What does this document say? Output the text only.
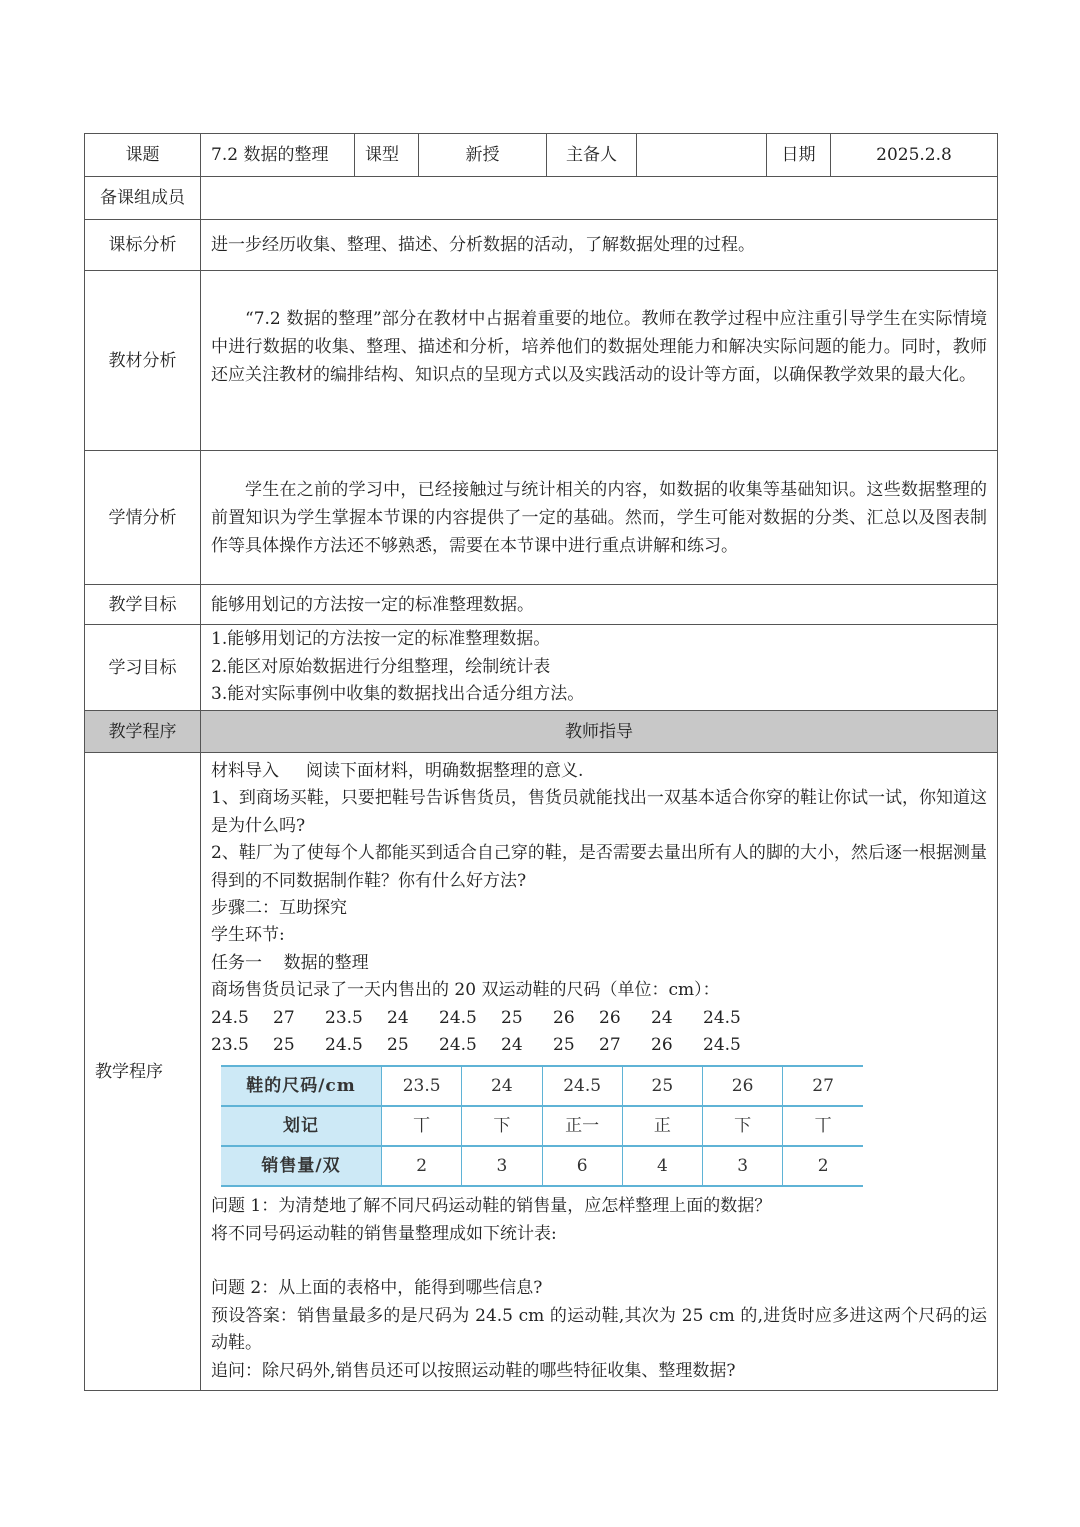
课题	7.2 数据的整理	课型	新授	主备人		日期	2025.2.8
备课组成员	
课标分析	进一步经历收集、整理、描述、分析数据的活动，了解数据处理的过程。
教材分析	

“7.2 数据的整理”部分在教材中占据着重要的地位。教师在教学过程中应注重引导学生在实际情境中进行数据的收集、整理、描述和分析，培养他们的数据处理能力和解决实际问题的能力。同时，教师还应关注教材的编排结构、知识点的呈现方式以及实践活动的设计等方面，以确保教学效果的最大化。

学情分析	

学生在之前的学习中，已经接触过与统计相关的内容，如数据的收集等基础知识。这些数据整理的前置知识为学生掌握本节课的内容提供了一定的基础。然而，学生可能对数据的分类、汇总以及图表制作等具体操作方法还不够熟悉，需要在本节课中进行重点讲解和练习。

教学目标	能够用划记的方法按一定的标准整理数据。
学习目标	
1.能够用划记的方法按一定的标准整理数据。
2.能区对原始数据进行分组整理，绘制统计表
3.能对实际事例中收集的数据找出合适分组方法。

教学程序	教师指导
教学程序	
材料导入     阅读下面材料，明确数据整理的意义.
1、到商场买鞋，只要把鞋号告诉售货员，售货员就能找出一双基本适合你穿的鞋让你试一试，你知道这是为什么吗?
2、鞋厂为了使每个人都能买到适合自己穿的鞋，是否需要去量出所有人的脚的大小，然后逐一根据测量得到的不同数据制作鞋？你有什么好方法?
步骤二：互助探究
学生环节:
任务一    数据的整理
商场售货员记录了一天内售出的 20 双运动鞋的尺码（单位：cm）：
24.5 27 23.5 24 24.5 25 26 26 24 24.5
23.5 25 24.5 25 24.5 24 25 27 26 24.5
鞋的尺码/cm	23.5	24	24.5	25	26	27
划记	丅	下	正一	正	下	丅
销售量/双	2	3	6	4	3	2
问题 1：为清楚地了解不同尺码运动鞋的销售量，应怎样整理上面的数据？
将不同号码运动鞋的销售量整理成如下统计表:
问题 2：从上面的表格中，能得到哪些信息?
预设答案：销售量最多的是尺码为 24.5 cm 的运动鞋,其次为 25 cm 的,进货时应多进这两个尺码的运动鞋。
追问：除尺码外,销售员还可以按照运动鞋的哪些特征收集、整理数据?
